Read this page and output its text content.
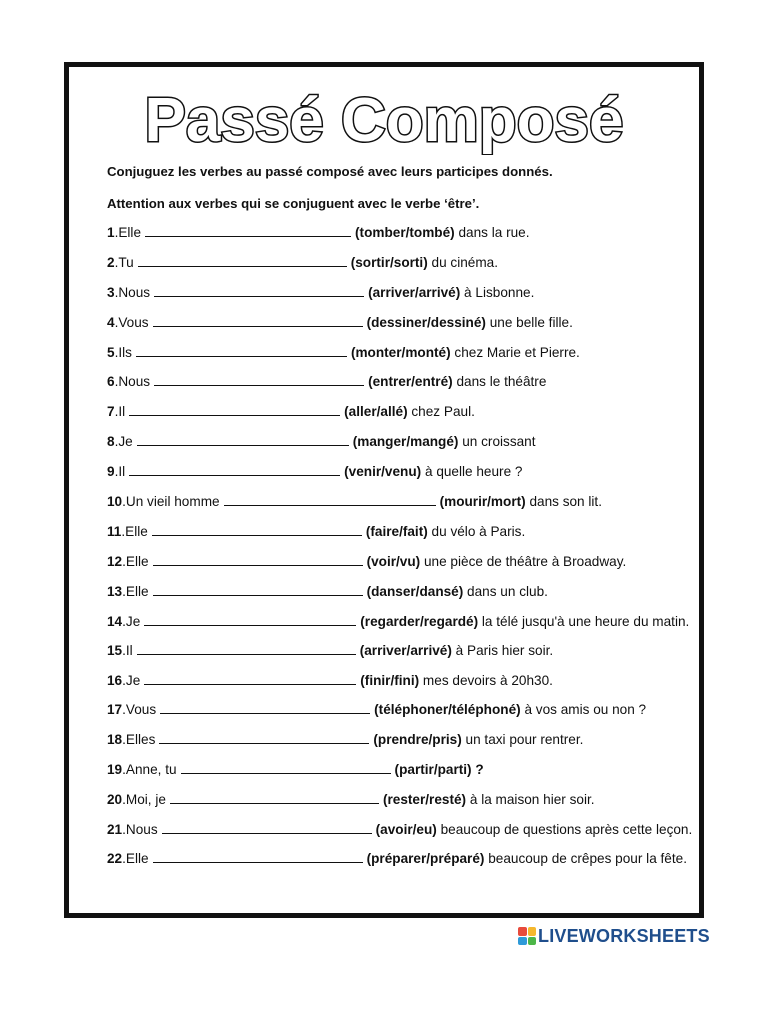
Passé Composé
Conjuguez les verbes au passé composé avec leurs participes donnés.
Attention aux verbes qui se conjuguent avec le verbe ‘être’.
1.Elle	(tomber/tombé) dans la rue.
2.Tu	(sortir/sorti) du cinéma.
3.Nous	(arriver/arrivé) à Lisbonne.
4.Vous	(dessiner/dessiné) une belle fille.
5.Ils	(monter/monté) chez Marie et Pierre.
6.Nous	(entrer/entré) dans le théâtre
7.Il	(aller/allé) chez Paul.
8.Je	(manger/mangé) un croissant
9.Il	(venir/venu) à quelle heure ?
10.Un vieil homme	(mourir/mort) dans son lit.
11.Elle	(faire/fait) du vélo à Paris.
12.Elle	(voir/vu) une pièce de théâtre à Broadway.
13.Elle	(danser/dansé) dans un club.
14.Je	(regarder/regardé) la télé jusqu'à une heure du matin.
15.Il	(arriver/arrivé) à Paris hier soir.
16.Je	(finir/fini) mes devoirs à 20h30.
17.Vous	(téléphoner/téléphoné) à vos amis ou non ?
18.Elles	(prendre/pris) un taxi pour rentrer.
19.Anne, tu	(partir/parti) ?
20.Moi, je	(rester/resté) à la maison hier soir.
21.Nous	(avoir/eu) beaucoup de questions après cette leçon.
22.Elle	(préparer/préparé) beaucoup de crêpes pour la fête.
LIVEWORKSHEETS
